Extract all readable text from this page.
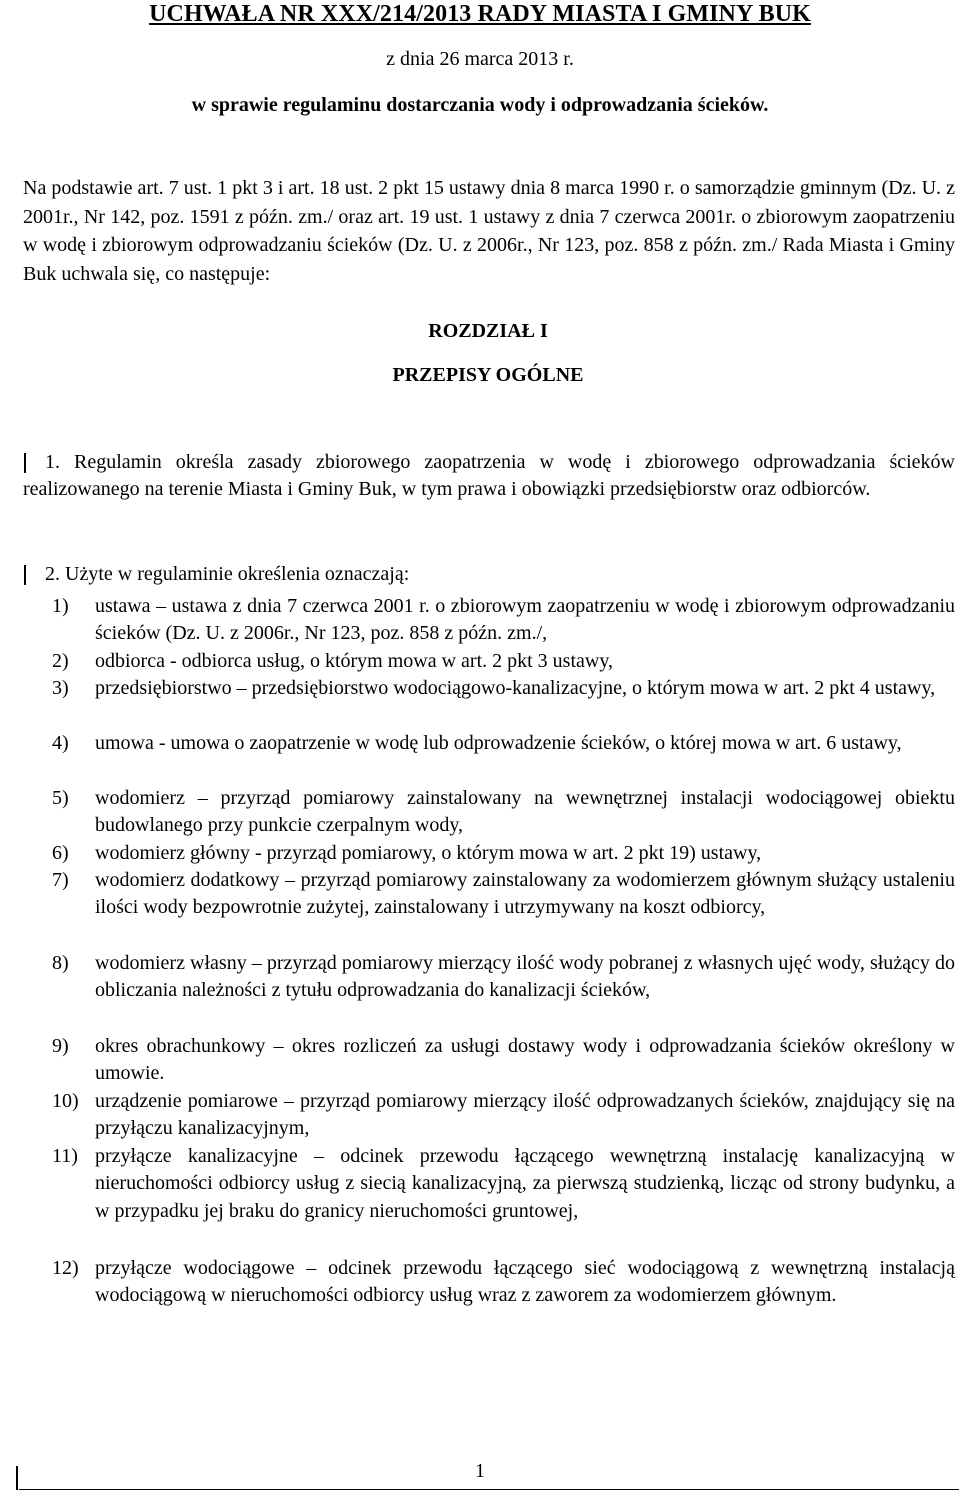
UCHWAŁA NR XXX/214/2013 RADY MIASTA I GMINY BUK
z dnia 26 marca 2013 r.
w sprawie regulaminu dostarczania wody i odprowadzania ścieków.

Na podstawie art. 7 ust. 1 pkt 3 i art. 18 ust. 2 pkt 15 ustawy dnia 8 marca 1990 r. o samorządzie gminnym (Dz. U. z 2001r., Nr 142, poz. 1591 z późn. zm./ oraz art. 19 ust. 1 ustawy z dnia 7 czerwca 2001r. o zbiorowym zaopatrzeniu w wodę i zbiorowym odprowadzaniu ścieków (Dz. U. z 2006r., Nr 123, poz. 858 z późn. zm./ Rada Miasta i Gminy Buk uchwala się, co następuje:

ROZDZIAŁ I
PRZEPISY OGÓLNE

1. Regulamin określa zasady zbiorowego zaopatrzenia w wodę i zbiorowego odprowadzania ścieków realizowanego na terenie Miasta i Gminy Buk, w tym prawa i obowiązki przedsiębiorstw oraz odbiorców.

2. Użyte w regulaminie określenia oznaczają:

1)	ustawa – ustawa z dnia 7 czerwca 2001 r. o zbiorowym zaopatrzeniu w wodę i zbiorowym odprowadzaniu ścieków (Dz. U. z 2006r., Nr 123, poz. 858 z późn. zm./,
2)	odbiorca - odbiorca usług, o którym mowa w art. 2 pkt 3 ustawy,
3)	przedsiębiorstwo – przedsiębiorstwo wodociągowo-kanalizacyjne, o którym mowa w art. 2 pkt 4 ustawy,
4)	umowa - umowa o zaopatrzenie w wodę lub odprowadzenie ścieków, o której mowa w art. 6 ustawy,
5)	wodomierz – przyrząd pomiarowy zainstalowany na wewnętrznej instalacji wodociągowej obiektu budowlanego przy punkcie czerpalnym wody,
6)	wodomierz główny - przyrząd pomiarowy, o którym mowa w art. 2 pkt 19) ustawy,
7)	wodomierz dodatkowy – przyrząd pomiarowy zainstalowany za wodomierzem głównym służący ustaleniu ilości wody bezpowrotnie zużytej, zainstalowany i utrzymywany na koszt odbiorcy,
8)	wodomierz własny – przyrząd pomiarowy mierzący ilość wody pobranej z własnych ujęć wody, służący do obliczania należności z tytułu odprowadzania do kanalizacji ścieków,
9)	okres obrachunkowy – okres rozliczeń za usługi dostawy wody i odprowadzania ścieków określony w umowie.
10) urządzenie pomiarowe – przyrząd pomiarowy mierzący ilość odprowadzanych ścieków, znajdujący się na przyłączu kanalizacyjnym,
11) przyłącze kanalizacyjne – odcinek przewodu łączącego wewnętrzną instalację kanalizacyjną w nieruchomości odbiorcy usług z siecią kanalizacyjną, za pierwszą studzienką, licząc od strony budynku, a w przypadku jej braku do granicy nieruchomości gruntowej,
12) przyłącze wodociągowe – odcinek przewodu łączącego sieć wodociągową z wewnętrzną instalacją wodociągową w nieruchomości odbiorcy usług wraz z zaworem za wodomierzem głównym.
1
